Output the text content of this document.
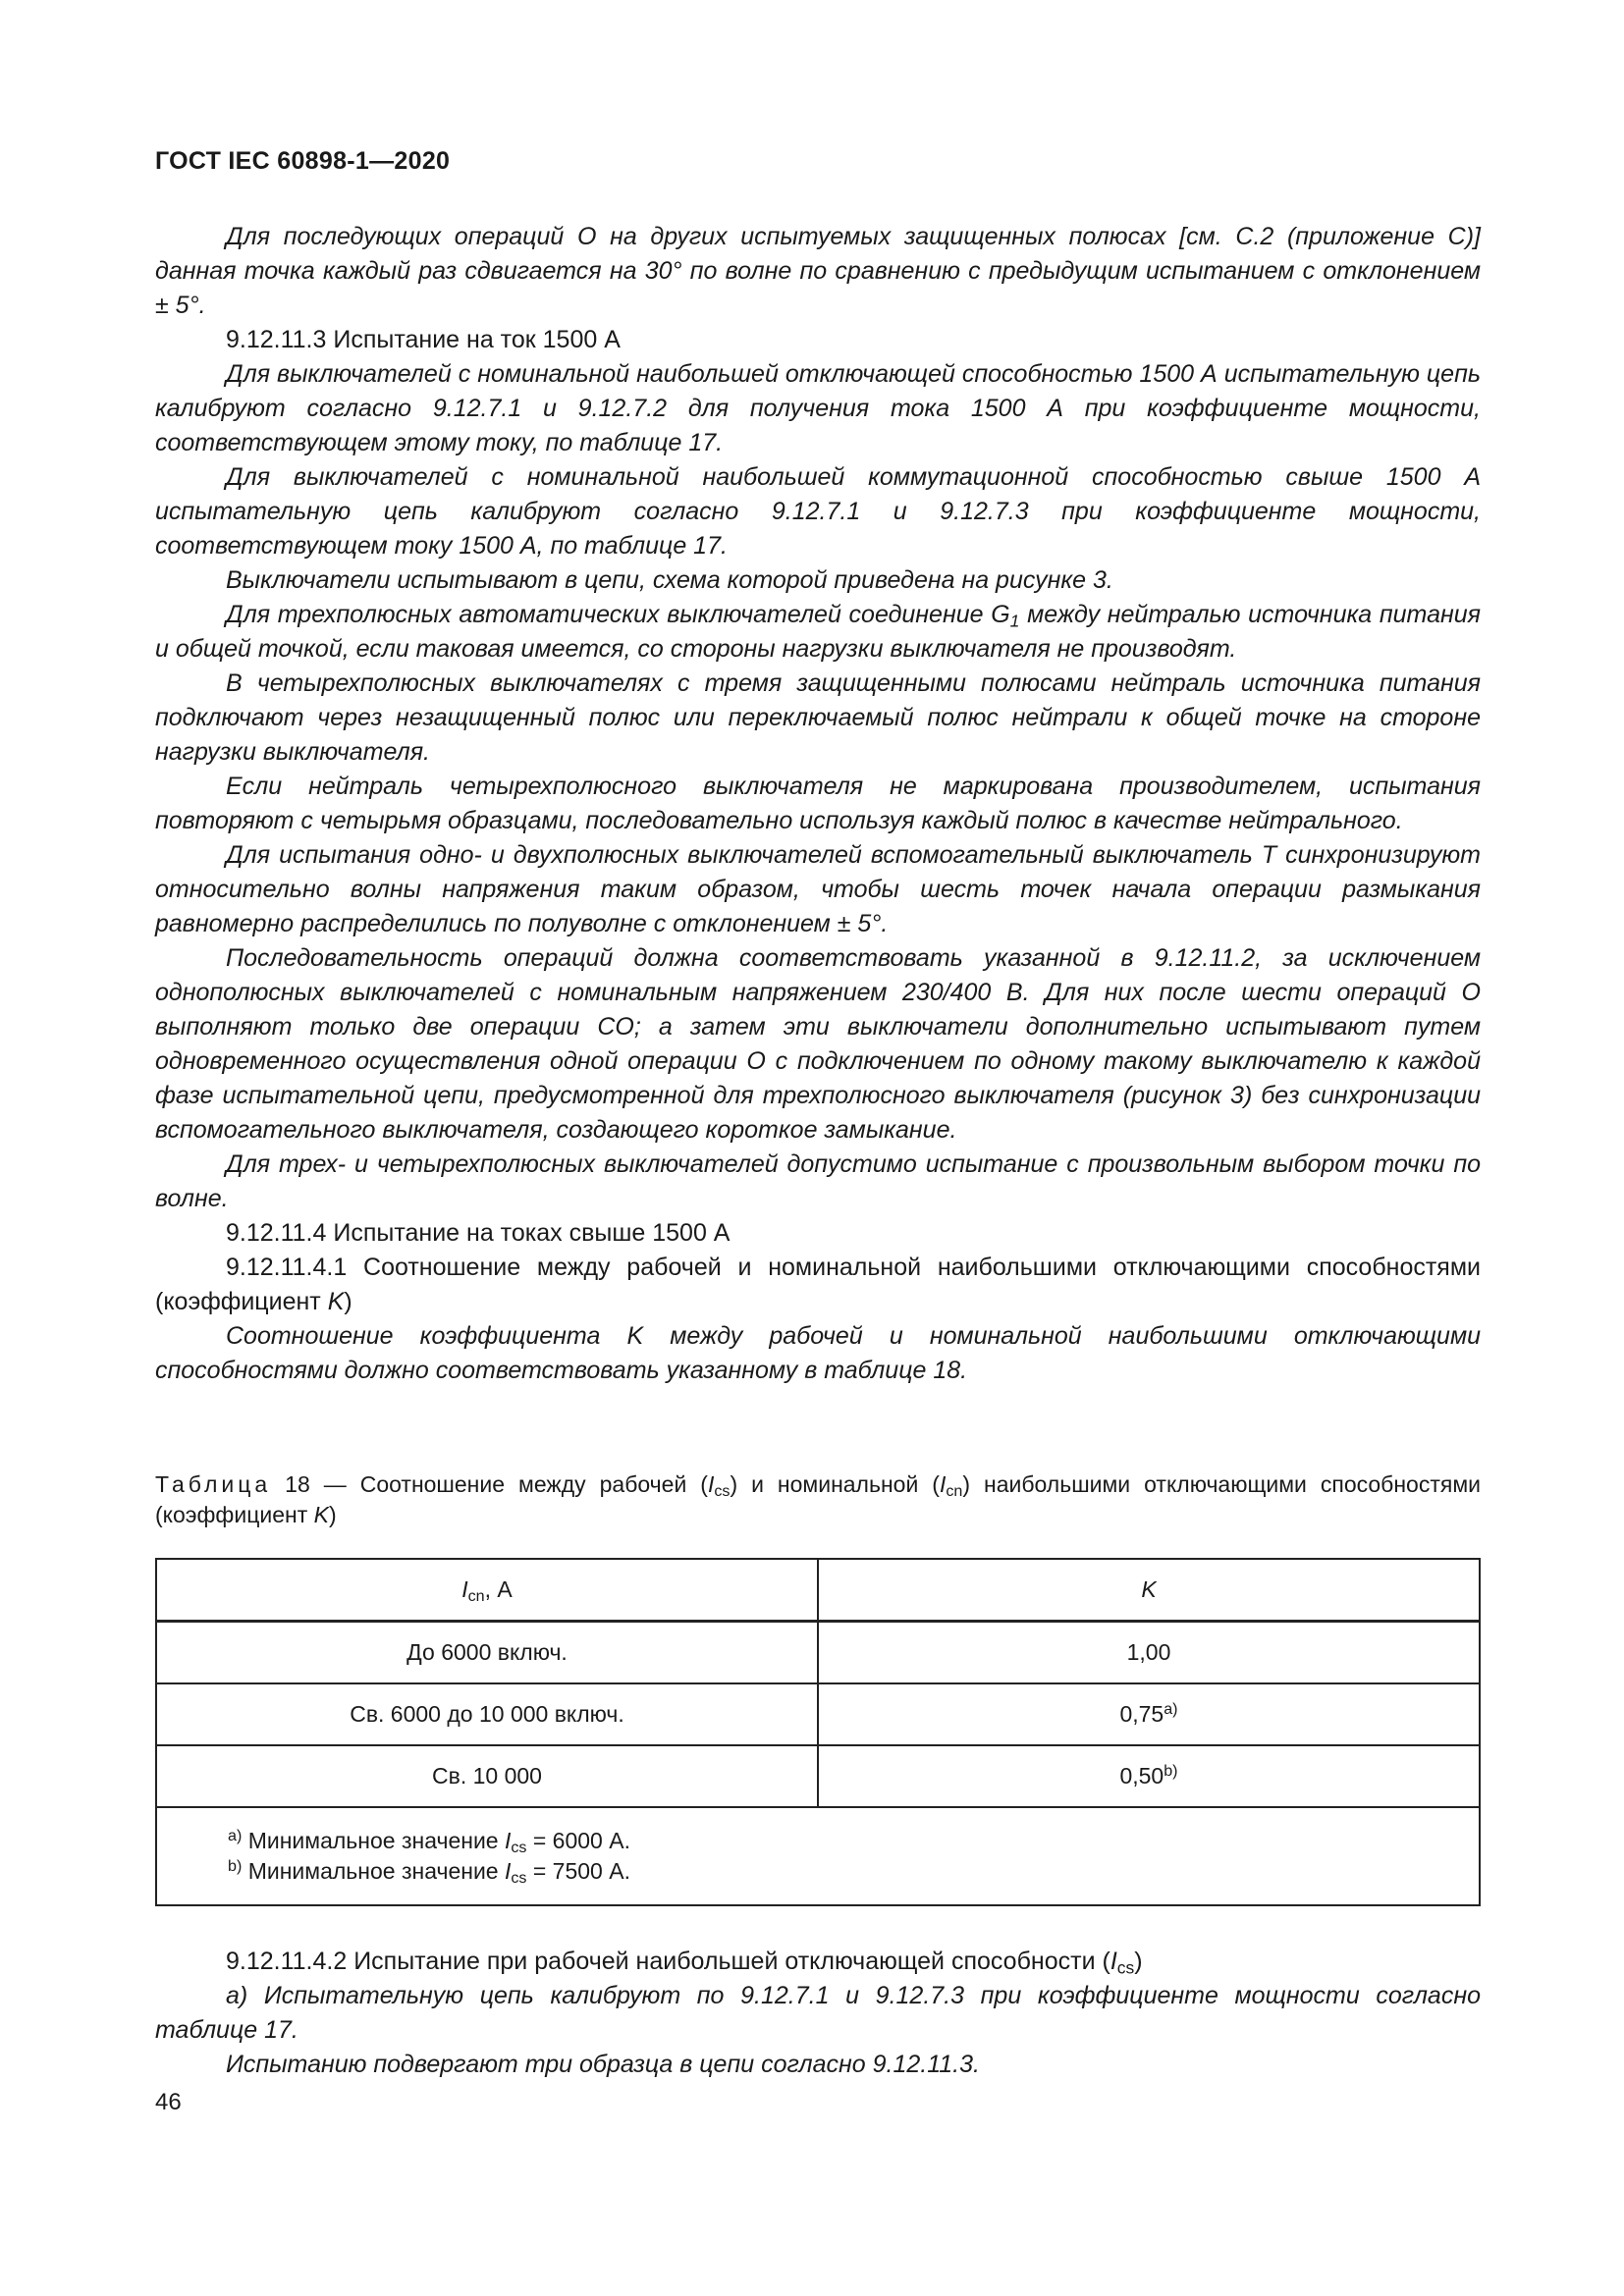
ГОСТ IEC 60898-1—2020

Для последующих операций O на других испытуемых защищенных полюсах [см. С.2 (приложение С)] данная точка каждый раз сдвигается на 30° по волне по сравнению с предыдущим испытанием с отклонением ± 5°.

9.12.11.3 Испытание на ток 1500 А

Для выключателей с номинальной наибольшей отключающей способностью 1500 А испытательную цепь калибруют согласно 9.12.7.1 и 9.12.7.2 для получения тока 1500 А при коэффициенте мощности, соответствующем этому току, по таблице 17.

Для выключателей с номинальной наибольшей коммутационной способностью свыше 1500 А испытательную цепь калибруют согласно 9.12.7.1 и 9.12.7.3 при коэффициенте мощности, соответствующем току 1500 А, по таблице 17.

Выключатели испытывают в цепи, схема которой приведена на рисунке 3.

Для трехполюсных автоматических выключателей соединение $G_1$ между нейтралью источника питания и общей точкой, если таковая имеется, со стороны нагрузки выключателя не производят.

В четырехполюсных выключателях с тремя защищенными полюсами нейтраль источника питания подключают через незащищенный полюс или переключаемый полюс нейтрали к общей точке на стороне нагрузки выключателя.

Если нейтраль четырехполюсного выключателя не маркирована производителем, испытания повторяют с четырьмя образцами, последовательно используя каждый полюс в качестве нейтрального.

Для испытания одно- и двухполюсных выключателей вспомогательный выключатель T синхронизируют относительно волны напряжения таким образом, чтобы шесть точек начала операции размыкания равномерно распределились по полуволне с отклонением ± 5°.

Последовательность операций должна соответствовать указанной в 9.12.11.2, за исключением однополюсных выключателей с номинальным напряжением 230/400 В. Для них после шести операций O выполняют только две операции CO; а затем эти выключатели дополнительно испытывают путем одновременного осуществления одной операции O с подключением по одному такому выключателю к каждой фазе испытательной цепи, предусмотренной для трехполюсного выключателя (рисунок 3) без синхронизации вспомогательного выключателя, создающего короткое замыкание.

Для трех- и четырехполюсных выключателей допустимо испытание с произвольным выбором точки по волне.

9.12.11.4 Испытание на токах свыше 1500 А

9.12.11.4.1 Соотношение между рабочей и номинальной наибольшими отключающими способностями (коэффициент K)

Соотношение коэффициента K между рабочей и номинальной наибольшими отключающими способностями должно соответствовать указанному в таблице 18.

Таблица 18 — Соотношение между рабочей $(I_{cs})$ и номинальной $(I_{cn})$ наибольшими отключающими способностями (коэффициент K)
$I_{cn}$, А	K
До 6000 включ.	1,00
Св. 6000 до 10 000 включ.	0,75$^{a)}$
Св. 10 000	0,50$^{b)}$

$^{a)}$ Минимальное значение $I_{cs} = 6000$ А.
$^{b)}$ Минимальное значение $I_{cs} = 7500$ А.	

9.12.11.4.2 Испытание при рабочей наибольшей отключающей способности $(I_{cs})$

a) Испытательную цепь калибруют по 9.12.7.1 и 9.12.7.3 при коэффициенте мощности согласно таблице 17.

Испытанию подвергают три образца в цепи согласно 9.12.11.3.

46
